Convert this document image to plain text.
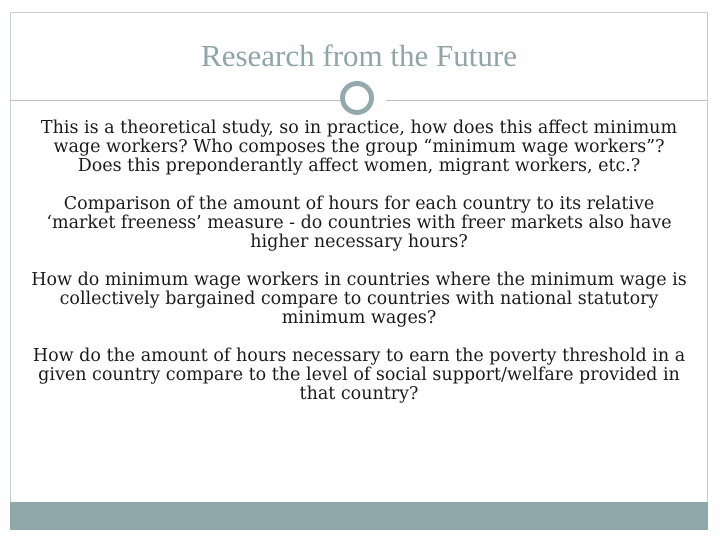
Research from the Future

This is a theoretical study, so in practice, how does this affect minimum wage workers? Who composes the group “minimum wage workers”? Does this preponderantly affect women, migrant workers, etc.?

Comparison of the amount of hours for each country to its relative ‘market freeness’ measure - do countries with freer markets also have higher necessary hours?

How do minimum wage workers in countries where the minimum wage is collectively bargained compare to countries with national statutory minimum wages?

How do the amount of hours necessary to earn the poverty threshold in a given country compare to the level of social support/welfare provided in that country?
